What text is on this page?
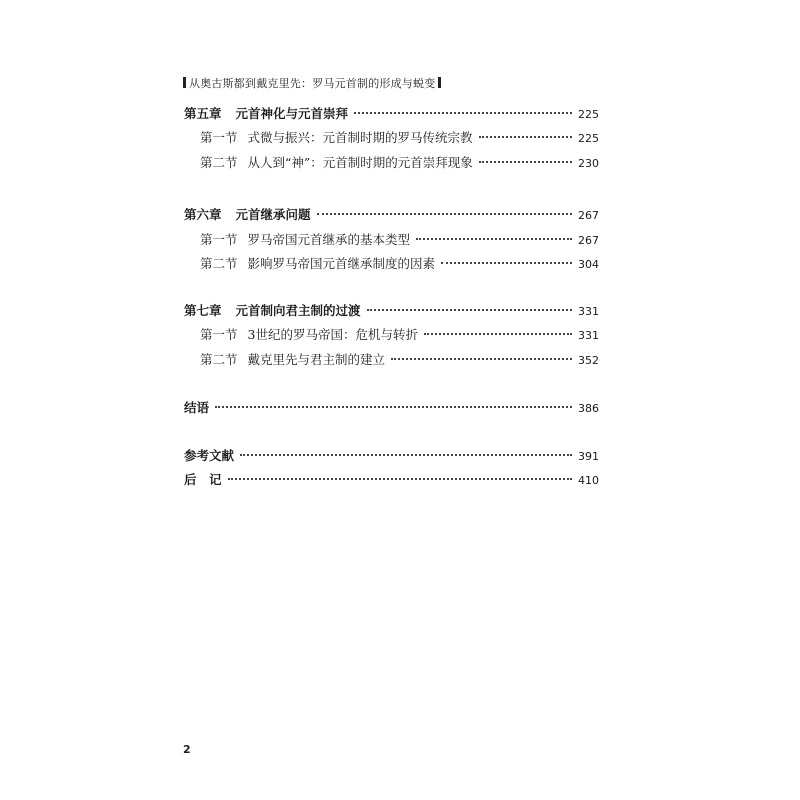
从奥古斯都到戴克里先：罗马元首制的形成与蜕变
第五章 元首神化与元首崇拜	225
第一节 式微与振兴：元首制时期的罗马传统宗教	225
第二节 从人到“神”：元首制时期的元首崇拜现象	230
第六章 元首继承问题	267
第一节 罗马帝国元首继承的基本类型	267
第二节 影响罗马帝国元首继承制度的因素	304
第七章 元首制向君主制的过渡	331
第一节 3世纪的罗马帝国：危机与转折	331
第二节 戴克里先与君主制的建立	352
结语	386
参考文献	391
后　记	410
2
